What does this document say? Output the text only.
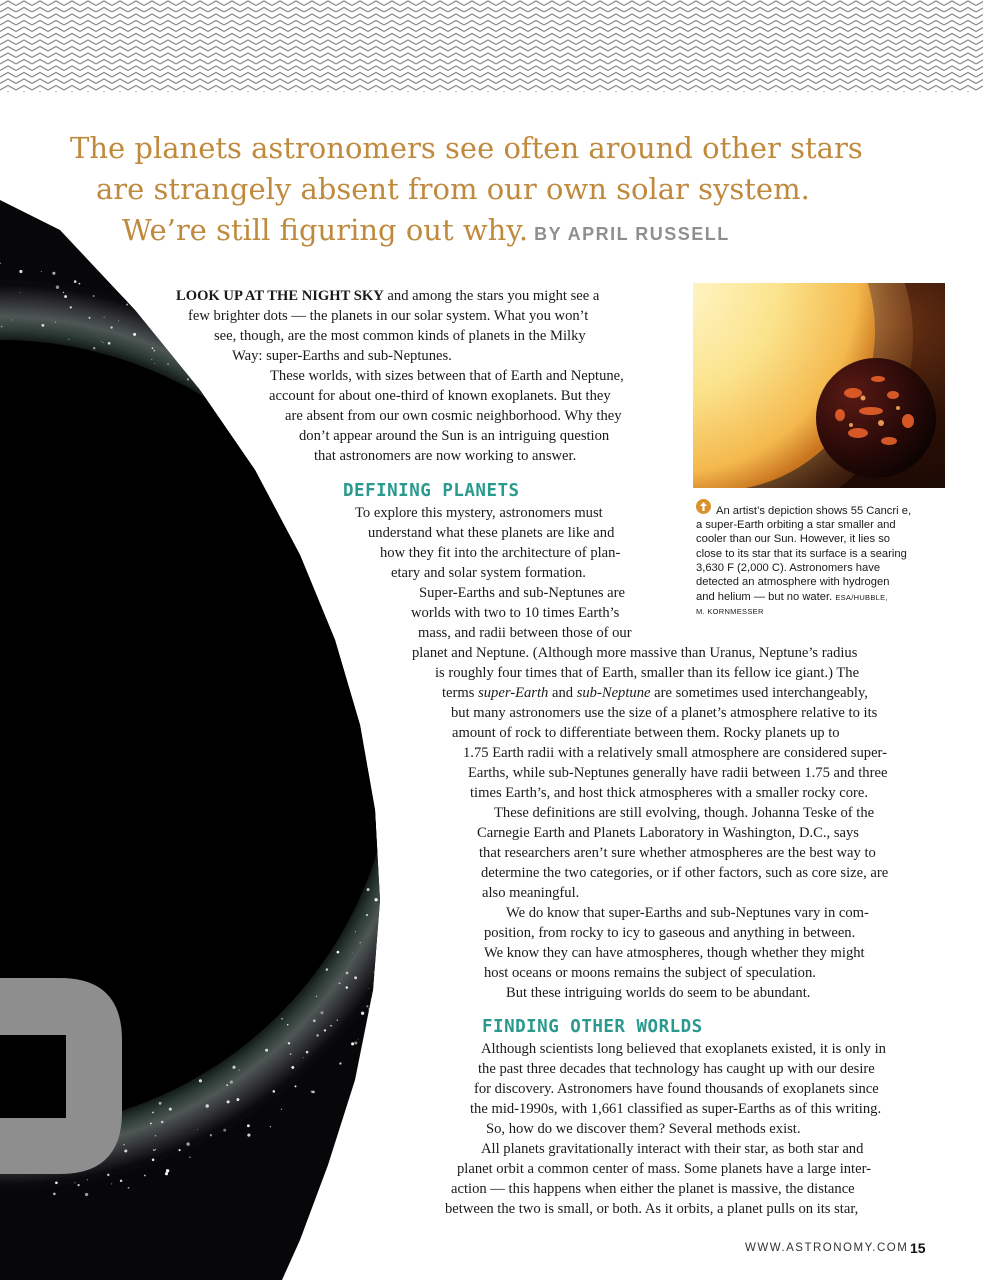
The planets astronomers see often around other stars
are strangely absent from our own solar system.
We’re still figuring out why. BY APRIL RUSSELL
LOOK UP AT THE NIGHT SKY and among the stars you might see a
few brighter dots — the planets in our solar system. What you won’t
see, though, are the most common kinds of planets in the Milky
Way: super-Earths and sub-Neptunes.
These worlds, with sizes between that of Earth and Neptune,
account for about one-third of known exoplanets. But they
are absent from our own cosmic neighborhood. Why they
don’t appear around the Sun is an intriguing question
that astronomers are now working to answer.
DEFINING PLANETS
To explore this mystery, astronomers must
understand what these planets are like and
how they fit into the architecture of plan-
etary and solar system formation.
Super-Earths and sub-Neptunes are
worlds with two to 10 times Earth’s
mass, and radii between those of our
planet and Neptune. (Although more massive than Uranus, Neptune’s radius
is roughly four times that of Earth, smaller than its fellow ice giant.) The
terms super-Earth and sub-Neptune are sometimes used interchangeably,
but many astronomers use the size of a planet’s atmosphere relative to its
amount of rock to differentiate between them. Rocky planets up to
1.75 Earth radii with a relatively small atmosphere are considered super-
Earths, while sub-Neptunes generally have radii between 1.75 and three
times Earth’s, and host thick atmospheres with a smaller rocky core.
These definitions are still evolving, though. Johanna Teske of the
Carnegie Earth and Planets Laboratory in Washington, D.C., says
that researchers aren’t sure whether atmospheres are the best way to
determine the two categories, or if other factors, such as core size, are
also meaningful.
We do know that super-Earths and sub-Neptunes vary in com-
position, from rocky to icy to gaseous and anything in between.
We know they can have atmospheres, though whether they might
host oceans or moons remains the subject of speculation.
But these intriguing worlds do seem to be abundant.
FINDING OTHER WORLDS
Although scientists long believed that exoplanets existed, it is only in
the past three decades that technology has caught up with our desire
for discovery. Astronomers have found thousands of exoplanets since
the mid-1990s, with 1,661 classified as super-Earths as of this writing.
So, how do we discover them? Several methods exist.
All planets gravitationally interact with their star, as both star and
planet orbit a common center of mass. Some planets have a large inter-
action — this happens when either the planet is massive, the distance
between the two is small, or both. As it orbits, a planet pulls on its star,
An artist’s depiction shows 55 Cancri e,
a super-Earth orbiting a star smaller and
cooler than our Sun. However, it lies so
close to its star that its surface is a searing
3,630 F (2,000 C). Astronomers have
detected an atmosphere with hydrogen
and helium — but no water. ESA/HUBBLE,
M. KORNMESSER
WWW.ASTRONOMY.COM 15
